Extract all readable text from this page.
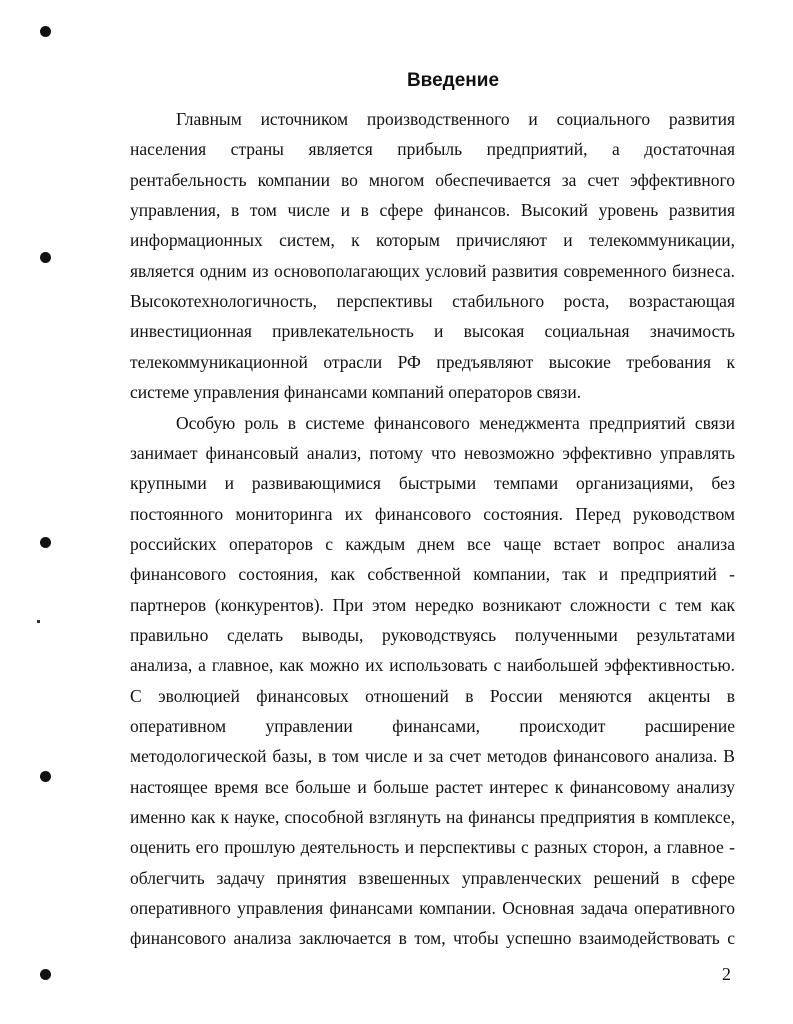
Введение
Главным источником производственного и социального развития
населения страны является прибыль предприятий, а достаточная
рентабельность компании во многом обеспечивается за счет эффективного
управления, в том числе и в сфере финансов. Высокий уровень развития
информационных систем, к которым причисляют и телекоммуникации,
является одним из основополагающих условий развития современного бизнеса.
Высокотехнологичность, перспективы стабильного роста, возрастающая
инвестиционная привлекательность и высокая социальная значимость
телекоммуникационной отрасли РФ предъявляют высокие требования к
системе управления финансами компаний операторов связи.
Особую роль в системе финансового менеджмента предприятий связи
занимает финансовый анализ, потому что невозможно эффективно управлять
крупными и развивающимися быстрыми темпами организациями, без
постоянного мониторинга их финансового состояния. Перед руководством
российских операторов с каждым днем все чаще встает вопрос анализа
финансового состояния, как собственной компании, так и предприятий -
партнеров (конкурентов). При этом нередко возникают сложности с тем как
правильно сделать выводы, руководствуясь полученными результатами
анализа, а главное, как можно их использовать с наибольшей эффективностью.
С эволюцией финансовых отношений в России меняются акценты в
оперативном управлении финансами, происходит расширение
методологической базы, в том числе и за счет методов финансового анализа. В
настоящее время все больше и больше растет интерес к финансовому анализу
именно как к науке, способной взглянуть на финансы предприятия в комплексе,
оценить его прошлую деятельность и перспективы с разных сторон, а главное -
облегчить задачу принятия взвешенных управленческих решений в сфере
оперативного управления финансами компании. Основная задача оперативного
финансового анализа заключается в том, чтобы успешно взаимодействовать с
2
